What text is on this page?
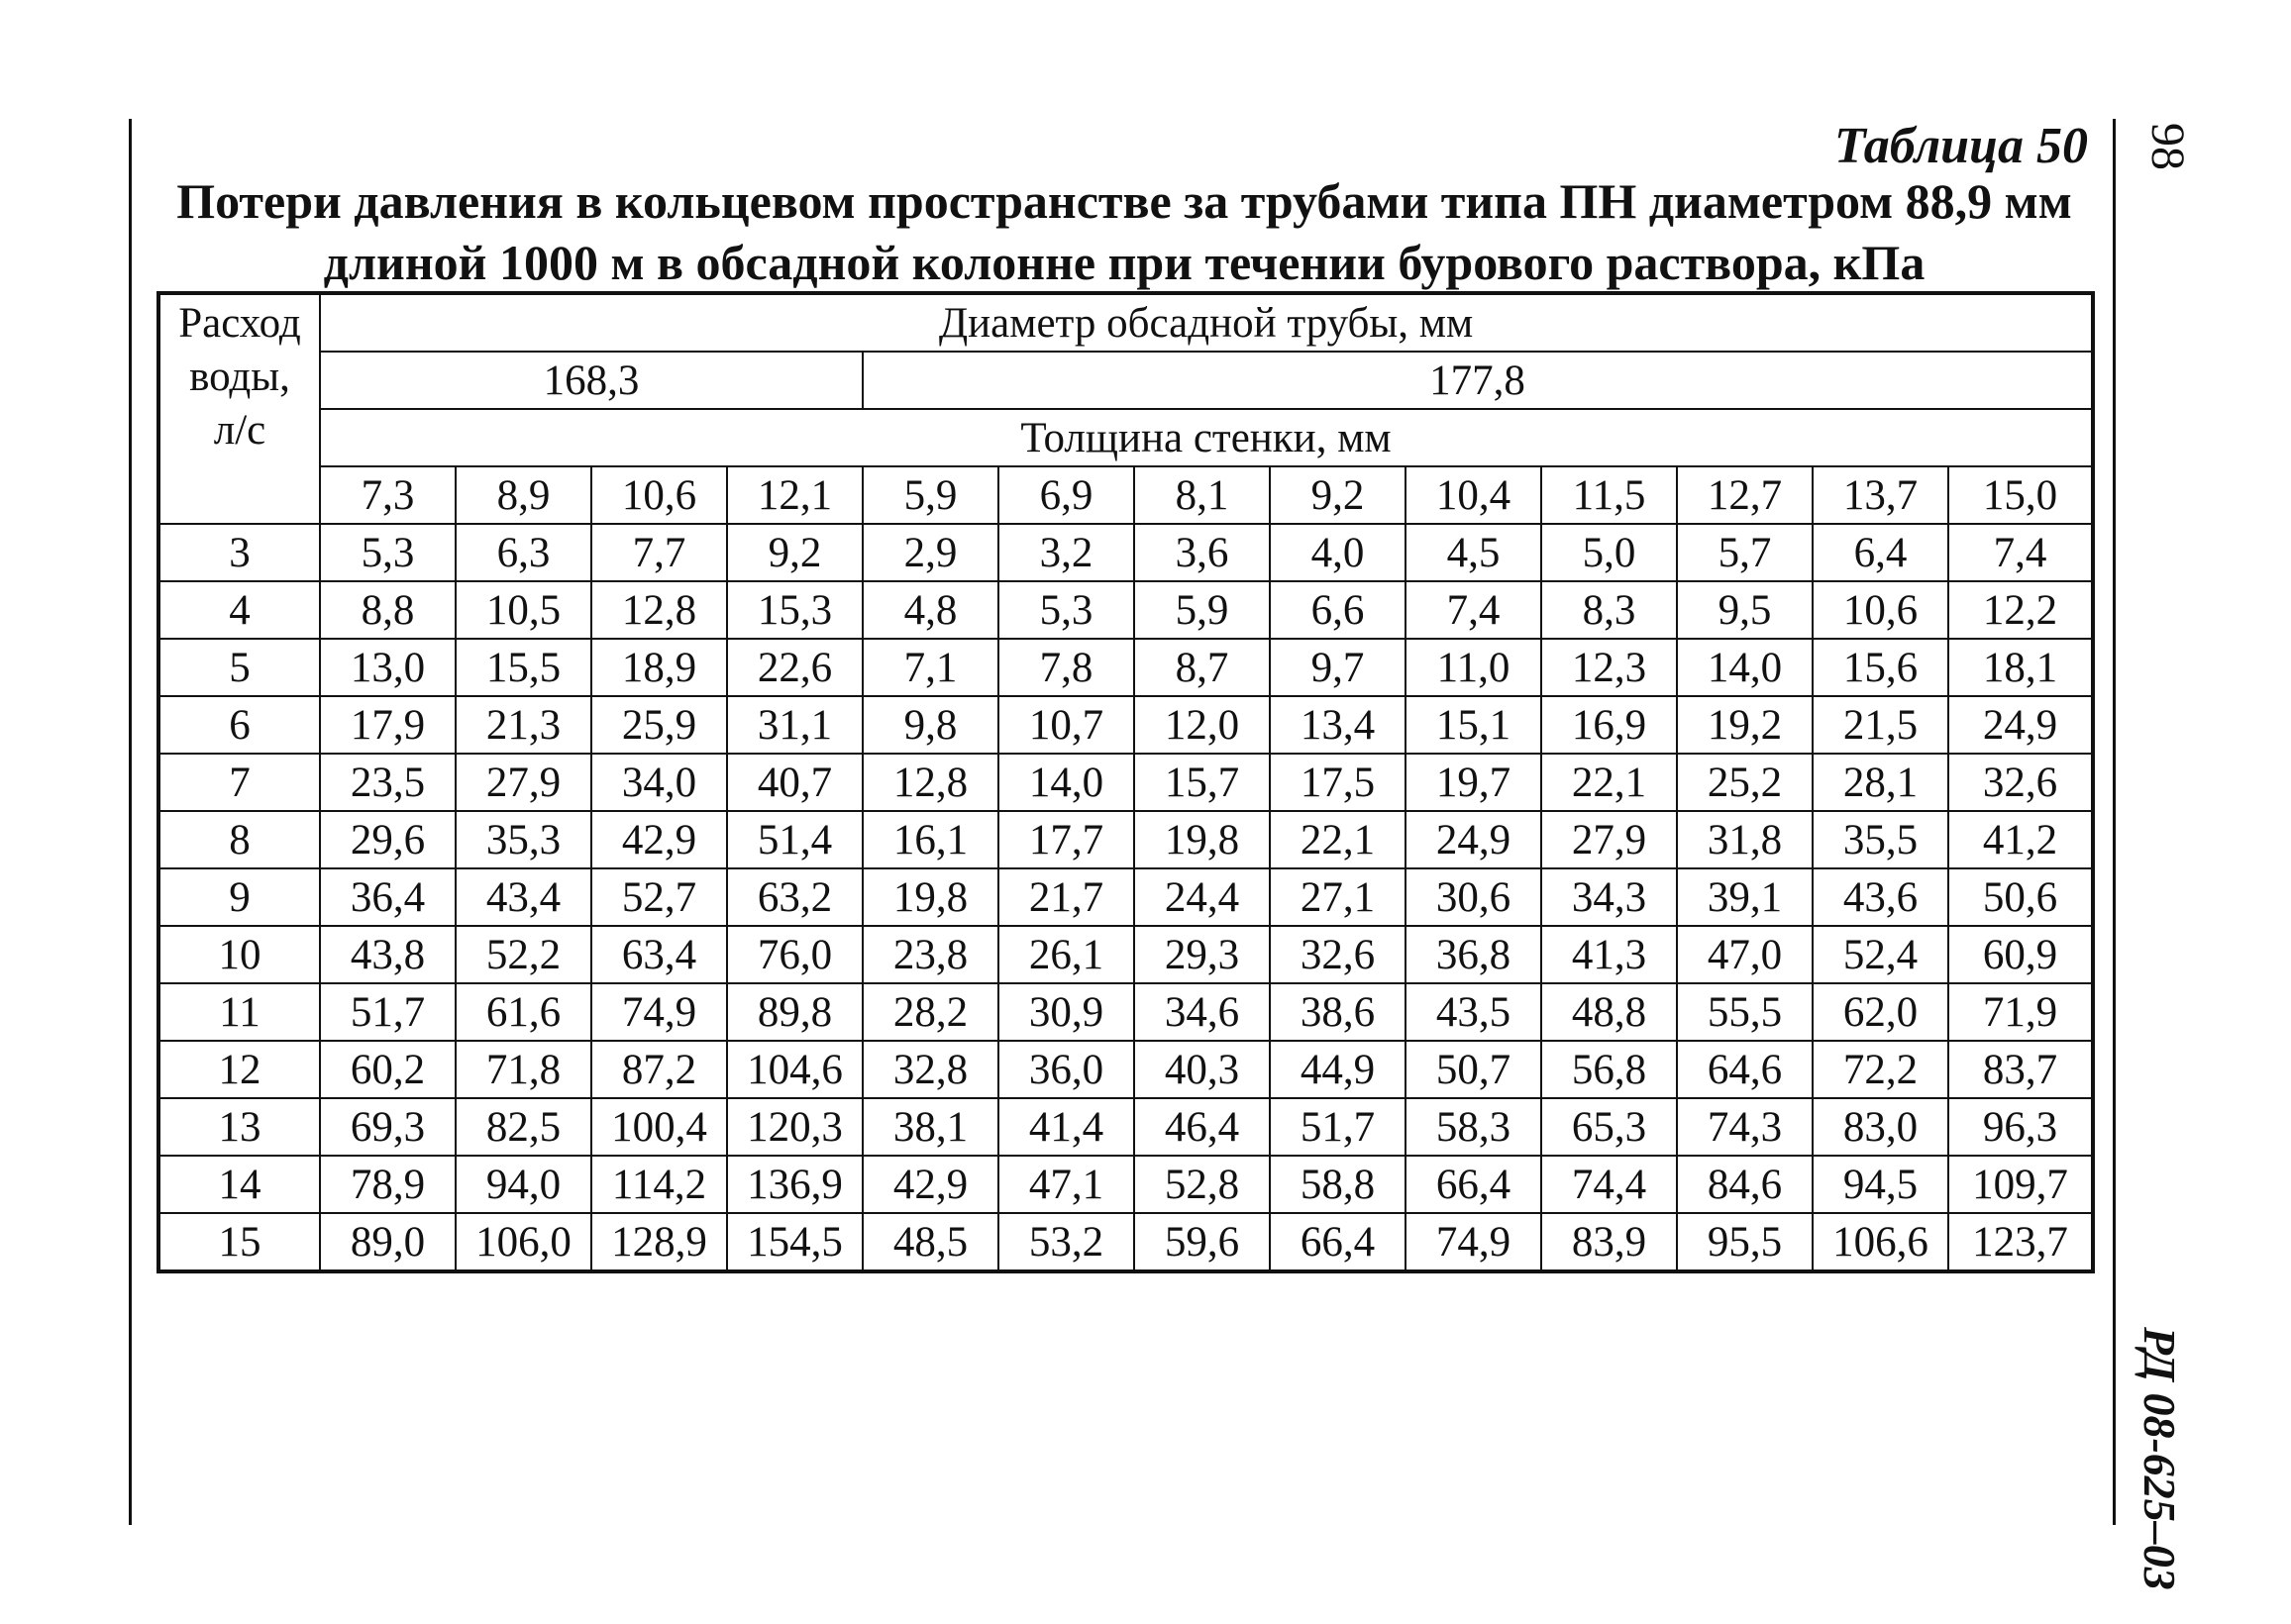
98
РД 08-625–03
Таблица 50
Потери давления в кольцевом пространстве за трубами типа ПН диаметром 88,9 мм
длиной 1000 м в обсадной колонне при течении бурового раствора, кПа
Расход
воды,
л/с	Диаметр обсадной трубы, мм												
	168,3				177,8								
	Толщина стенки, мм												
	7,3	8,9	10,6	12,1	5,9	6,9	8,1	9,2	10,4	11,5	12,7	13,7	15,0
3	5,3	6,3	7,7	9,2	2,9	3,2	3,6	4,0	4,5	5,0	5,7	6,4	7,4
4	8,8	10,5	12,8	15,3	4,8	5,3	5,9	6,6	7,4	8,3	9,5	10,6	12,2
5	13,0	15,5	18,9	22,6	7,1	7,8	8,7	9,7	11,0	12,3	14,0	15,6	18,1
6	17,9	21,3	25,9	31,1	9,8	10,7	12,0	13,4	15,1	16,9	19,2	21,5	24,9
7	23,5	27,9	34,0	40,7	12,8	14,0	15,7	17,5	19,7	22,1	25,2	28,1	32,6
8	29,6	35,3	42,9	51,4	16,1	17,7	19,8	22,1	24,9	27,9	31,8	35,5	41,2
9	36,4	43,4	52,7	63,2	19,8	21,7	24,4	27,1	30,6	34,3	39,1	43,6	50,6
10	43,8	52,2	63,4	76,0	23,8	26,1	29,3	32,6	36,8	41,3	47,0	52,4	60,9
11	51,7	61,6	74,9	89,8	28,2	30,9	34,6	38,6	43,5	48,8	55,5	62,0	71,9
12	60,2	71,8	87,2	104,6	32,8	36,0	40,3	44,9	50,7	56,8	64,6	72,2	83,7
13	69,3	82,5	100,4	120,3	38,1	41,4	46,4	51,7	58,3	65,3	74,3	83,0	96,3
14	78,9	94,0	114,2	136,9	42,9	47,1	52,8	58,8	66,4	74,4	84,6	94,5	109,7
15	89,0	106,0	128,9	154,5	48,5	53,2	59,6	66,4	74,9	83,9	95,5	106,6	123,7
